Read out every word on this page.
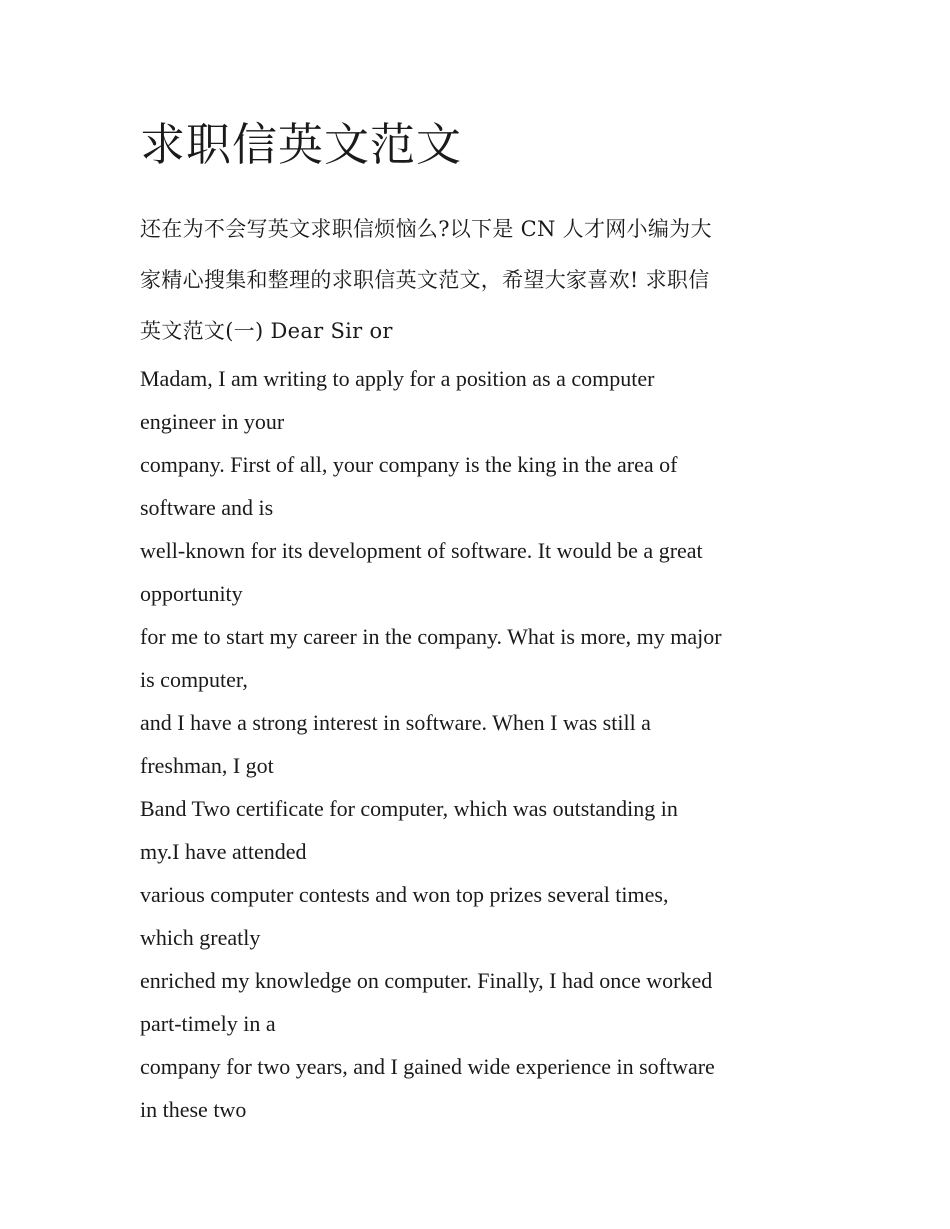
求职信英文范文

还在为不会写英文求职信烦恼么?以下是 CN 人才网小编为大
家精心搜集和整理的求职信英文范文，希望大家喜欢! 求职信
英文范文(一) Dear Sir or

Madam, I am writing to apply for a position as a computer
engineer in your
company. First of all, your company is the king in the area of
software and is
well-known for its development of software. It would be a great
opportunity
for me to start my career in the company. What is more, my major
is computer,
and I have a strong interest in software. When I was still a
freshman, I got
Band Two certificate for computer, which was outstanding in
my.I have attended
various computer contests and won top prizes several times,
which greatly
enriched my knowledge on computer. Finally, I had once worked
part-timely in a
company for two years, and I gained wide experience in software
in these two
